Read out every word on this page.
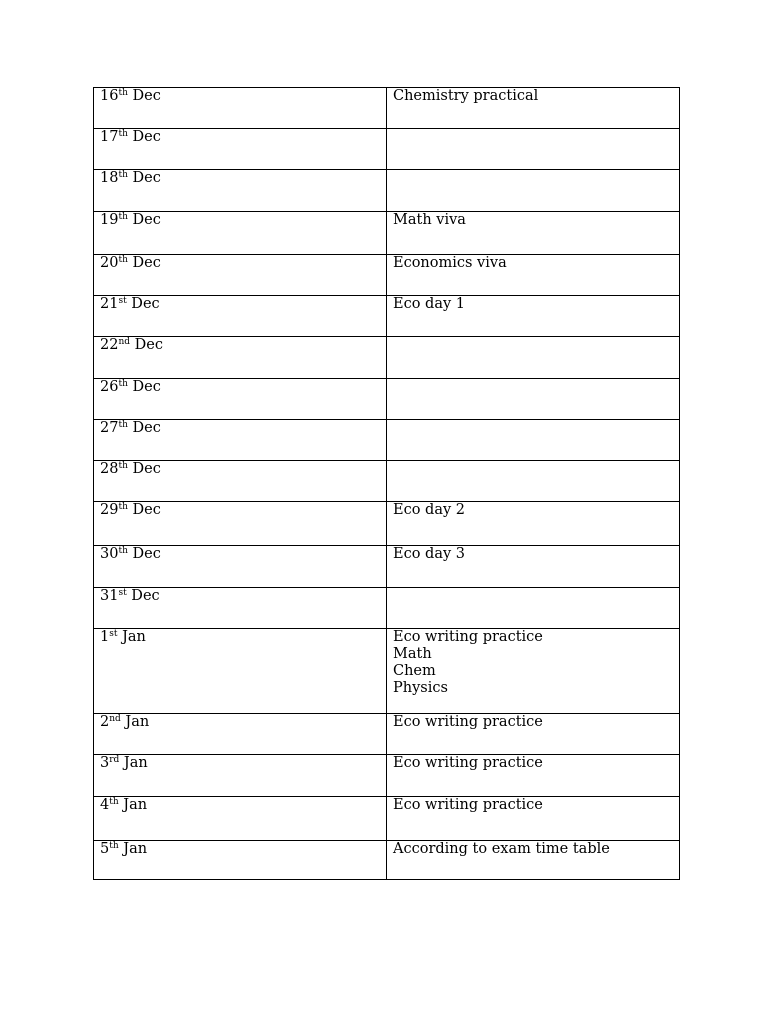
16th Dec	Chemistry practical

17th Dec	
18th Dec	
19th Dec	Math viva

20th Dec	Economics viva

21st Dec	Eco day 1

22nd Dec	
26th Dec	
27th Dec	
28th Dec	
29th Dec	Eco day 2

30th Dec	Eco day 3

31st Dec	
1st Jan	Eco writing practice
Math
Chem
Physics

2nd Jan	Eco writing practice

3rd Jan	Eco writing practice

4th Jan	Eco writing practice

5th Jan	According to exam time table
